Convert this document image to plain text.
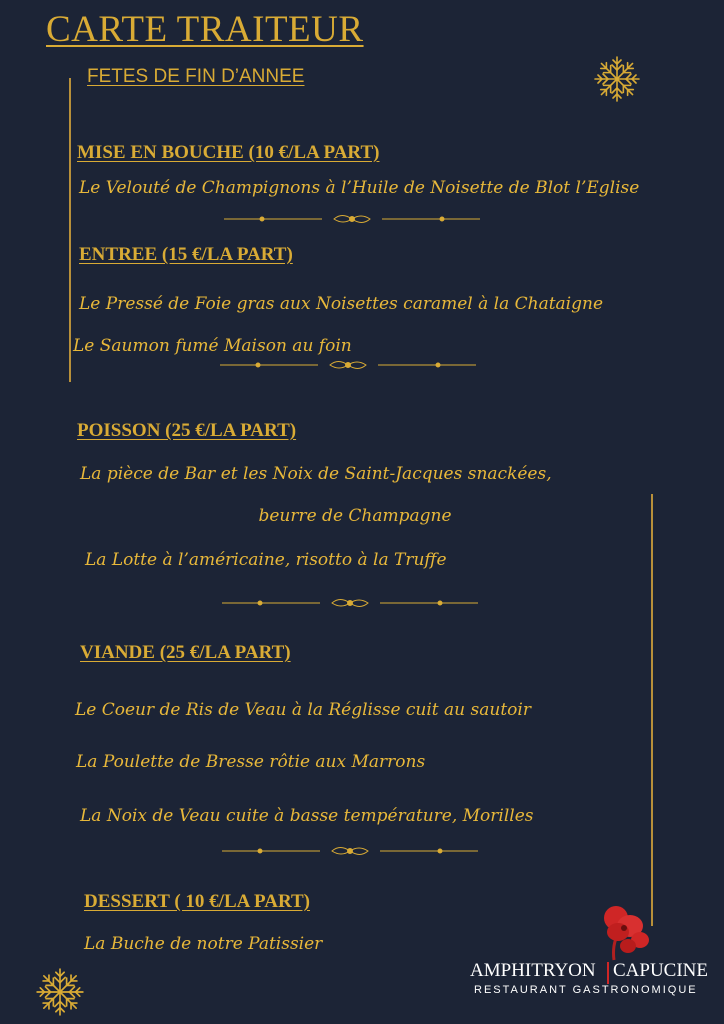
CARTE TRAITEUR
FETES DE FIN D’ANNEE
MISE EN BOUCHE (10 €/LA PART)
Le Velouté de Champignons à l’Huile de Noisette de Blot l’Eglise
ENTREE (15 €/LA PART)
Le Pressé de Foie gras aux Noisettes caramel à la Chataigne
Le Saumon fumé Maison au foin
POISSON (25 €/LA PART)
La pièce de Bar et les Noix de Saint-Jacques snackées,
beurre de Champagne
La Lotte à l’américaine, risotto à la Truffe
VIANDE (25 €/LA PART)
Le Coeur de Ris de Veau à la Réglisse cuit au sautoir
La Poulette de Bresse rôtie aux Marrons
La Noix de Veau cuite à basse température, Morilles
DESSERT ( 10 €/LA PART)
La Buche de notre Patissier
AMPHITRYON CAPUCINE
RESTAURANT GASTRONOMIQUE
